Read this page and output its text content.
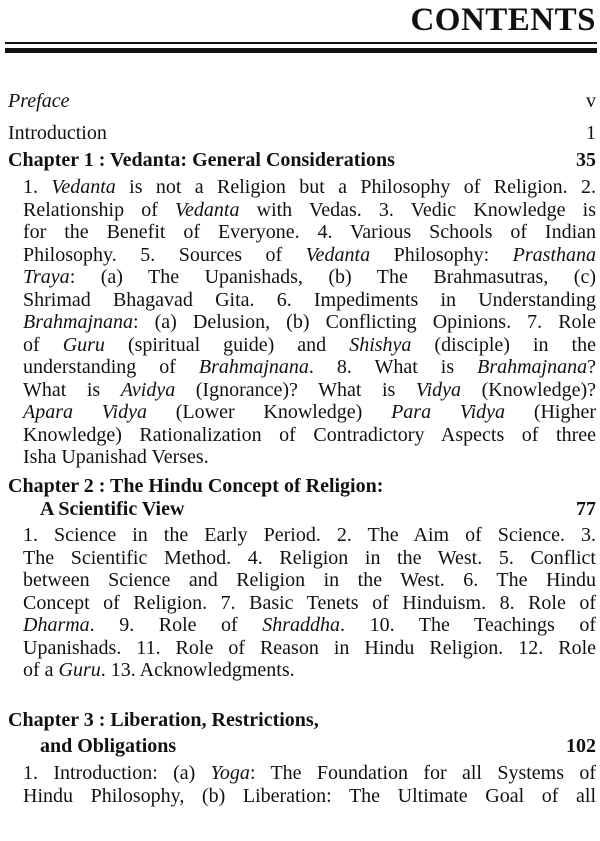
CONTENTS
Preface	v
Introduction	1
Chapter 1 : Vedanta: General Considerations	35
Chapter 2 : The Hindu Concept of Religion:
A Scientific View	77
Chapter 3 : Liberation, Restrictions,
and Obligations	102
1. Vedanta is not a Religion but a Philosophy of Religion. 2.
Relationship of Vedanta with Vedas. 3. Vedic Knowledge is
for the Benefit of Everyone. 4. Various Schools of Indian
Philosophy. 5. Sources of Vedanta Philosophy: Prasthana
Traya: (a) The Upanishads, (b) The Brahmasutras, (c)
Shrimad Bhagavad Gita. 6. Impediments in Understanding
Brahmajnana: (a) Delusion, (b) Conflicting Opinions. 7. Role
of Guru (spiritual guide) and Shishya (disciple) in the
understanding of Brahmajnana. 8. What is Brahmajnana?
What is Avidya (Ignorance)? What is Vidya (Knowledge)?
Apara Vidya (Lower Knowledge) Para Vidya (Higher
Knowledge) Rationalization of Contradictory Aspects of three
Isha Upanishad Verses.
1. Science in the Early Period. 2. The Aim of Science. 3.
The Scientific Method. 4. Religion in the West. 5. Conflict
between Science and Religion in the West. 6. The Hindu
Concept of Religion. 7. Basic Tenets of Hinduism. 8. Role of
Dharma. 9. Role of Shraddha. 10. The Teachings of
Upanishads. 11. Role of Reason in Hindu Religion. 12. Role
of a Guru. 13. Acknowledgments.
1. Introduction: (a) Yoga: The Foundation for all Systems of
Hindu Philosophy, (b) Liberation: The Ultimate Goal of all
